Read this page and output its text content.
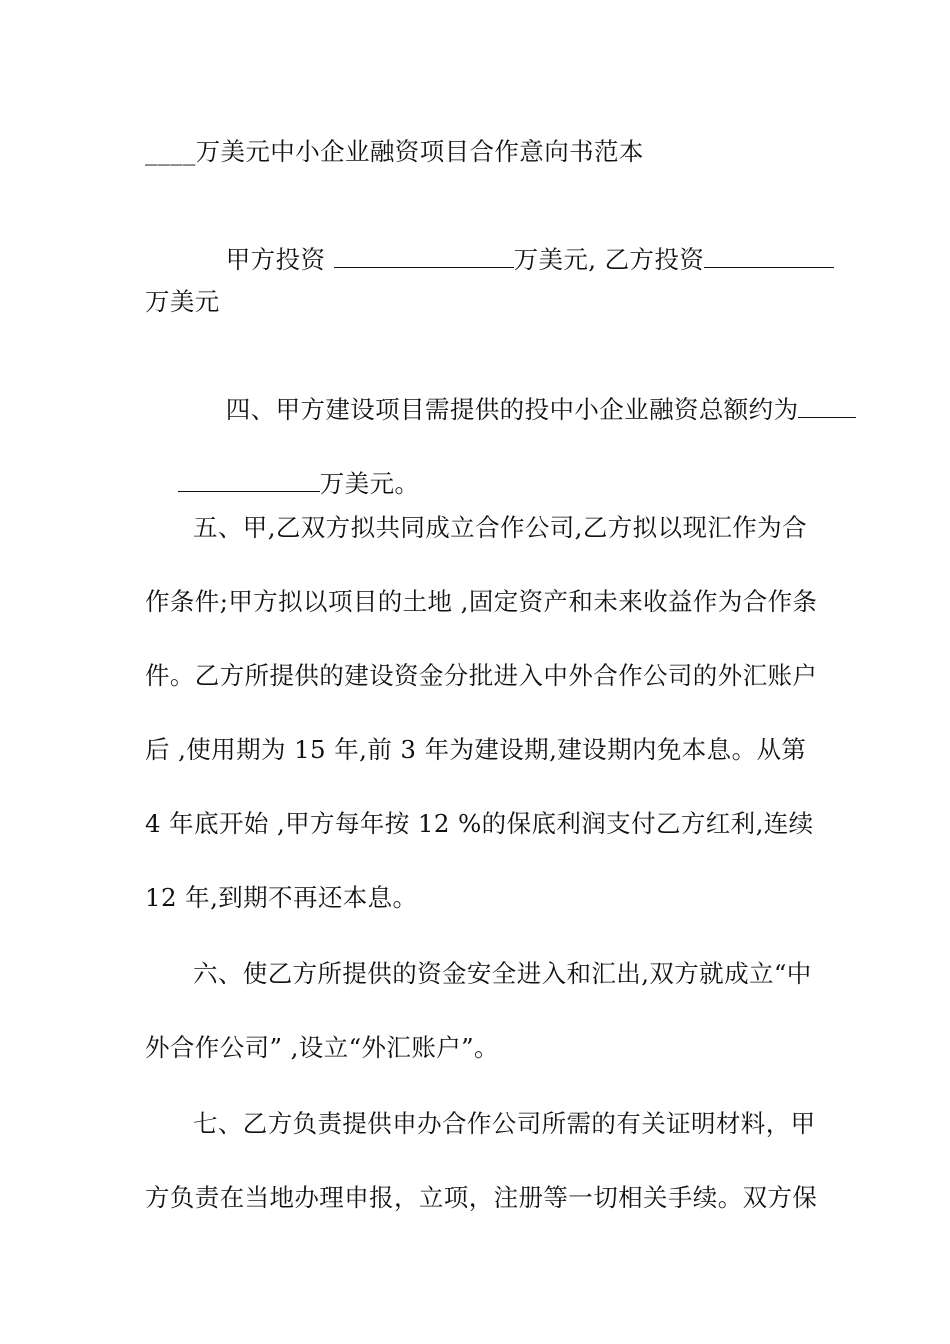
____万美元中小企业融资项目合作意向书范本

甲方投资	万美元, 乙方投资

万美元

四、甲方建设项目需提供的投中小企业融资总额约为

万美元。

五、甲,乙双方拟共同成立合作公司,乙方拟以现汇作为合
作条件;甲方拟以项目的土地 ,固定资产和未来收益作为合作条
件。乙方所提供的建设资金分批进入中外合作公司的外汇账户
后 ,使用期为 15 年,前 3 年为建设期,建设期内免本息。从第
4 年底开始 ,甲方每年按 12 %的保底利润支付乙方红利,连续
12 年,到期不再还本息。
六、使乙方所提供的资金安全进入和汇出,双方就成立“中
外合作公司” ,设立“外汇账户”。
七、乙方负责提供申办合作公司所需的有关证明材料，甲
方负责在当地办理申报，立项，注册等一切相关手续。双方保
